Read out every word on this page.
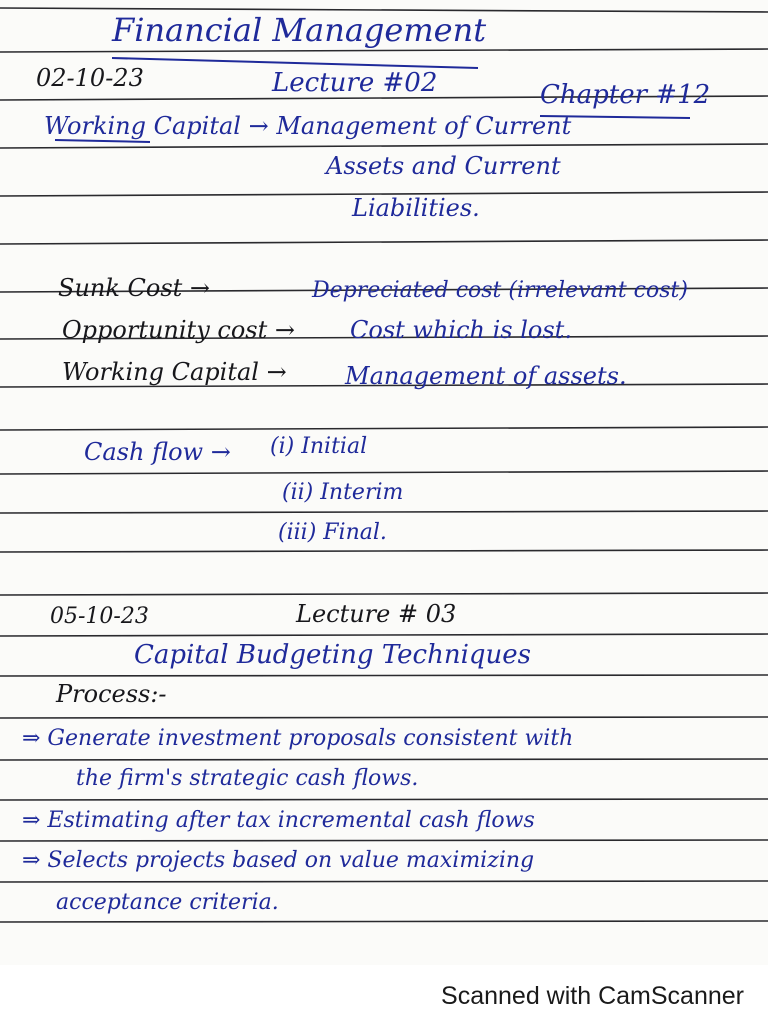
Financial Management
02-10-23	Lecture #02	Chapter #12
Working Capital → Management of Current
Assets and Current
Liabilities.
Sunk Cost →	Depreciated cost (irrelevant cost)
Opportunity cost → Cost which is lost.
Working Capital → Management of assets.
Cash flow → (i) Initial
(ii) Interim
(iii) Final.
05-10-23	Lecture # 03
Capital Budgeting Techniques
Process:-
⇒ Generate investment proposals consistent with
the firm's strategic cash flows.
⇒ Estimating after tax incremental cash flows
⇒ Selects projects based on value maximizing
acceptance criteria.
Scanned with CamScanner
